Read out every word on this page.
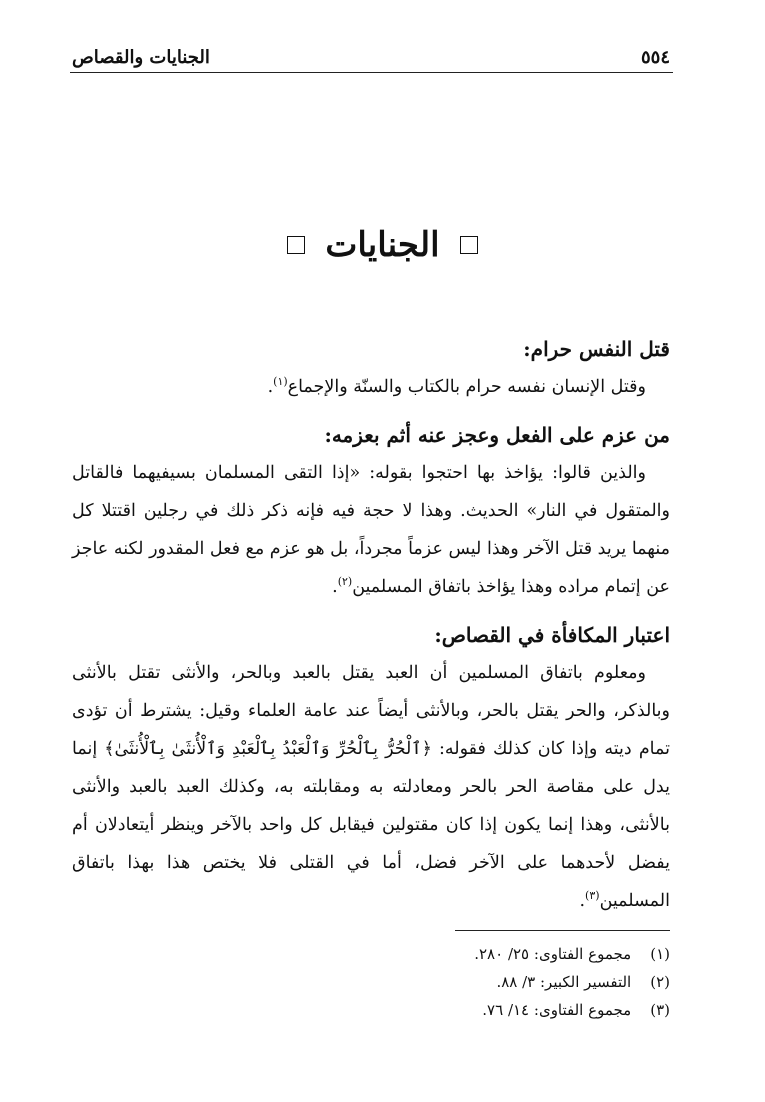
٥٥٤
الجنايات والقصاص
الجنايات

قتل النفس حرام:

وقتل الإنسان نفسه حرام بالكتاب والسنّة والإجماع$^{(١)}$.

من عزم على الفعل وعجز عنه أثم بعزمه:

والذين قالوا: يؤاخذ بها احتجوا بقوله: «إذا التقى المسلمان بسيفيهما فالقاتل والمتقول في النار» الحديث. وهذا لا حجة فيه فإنه ذكر ذلك في رجلين اقتتلا كل منهما يريد قتل الآخر وهذا ليس عزماً مجرداً، بل هو عزم مع فعل المقدور لكنه عاجز عن إتمام مراده وهذا يؤاخذ باتفاق المسلمين$^{(٢)}$.

اعتبار المكافأة في القصاص:

ومعلوم باتفاق المسلمين أن العبد يقتل بالعبد وبالحر، والأنثى تقتل بالأنثى وبالذكر، والحر يقتل بالحر، وبالأنثى أيضاً عند عامة العلماء وقيل: يشترط أن تؤدى تمام ديته وإذا كان كذلك فقوله: ﴿ٱلْحُرُّ بِٱلْحُرِّ وَٱلْعَبْدُ بِٱلْعَبْدِ وَٱلْأُنثَىٰ بِٱلْأُنثَىٰ﴾ إنما يدل على مقاصة الحر بالحر ومعادلته به ومقابلته به، وكذلك العبد بالعبد والأنثى بالأنثى، وهذا إنما يكون إذا كان مقتولين فيقابل كل واحد بالآخر وينظر أيتعادلان أم يفضل لأحدهما على الآخر فضل، أما في القتلى فلا يختص هذا بهذا باتفاق المسلمين$^{(٣)}$.

(١) مجموع الفتاوى: ٢٥/ ٢٨٠.
(٢) التفسير الكبير: ٣/ ٨٨.
(٣) مجموع الفتاوى: ١٤/ ٧٦.
